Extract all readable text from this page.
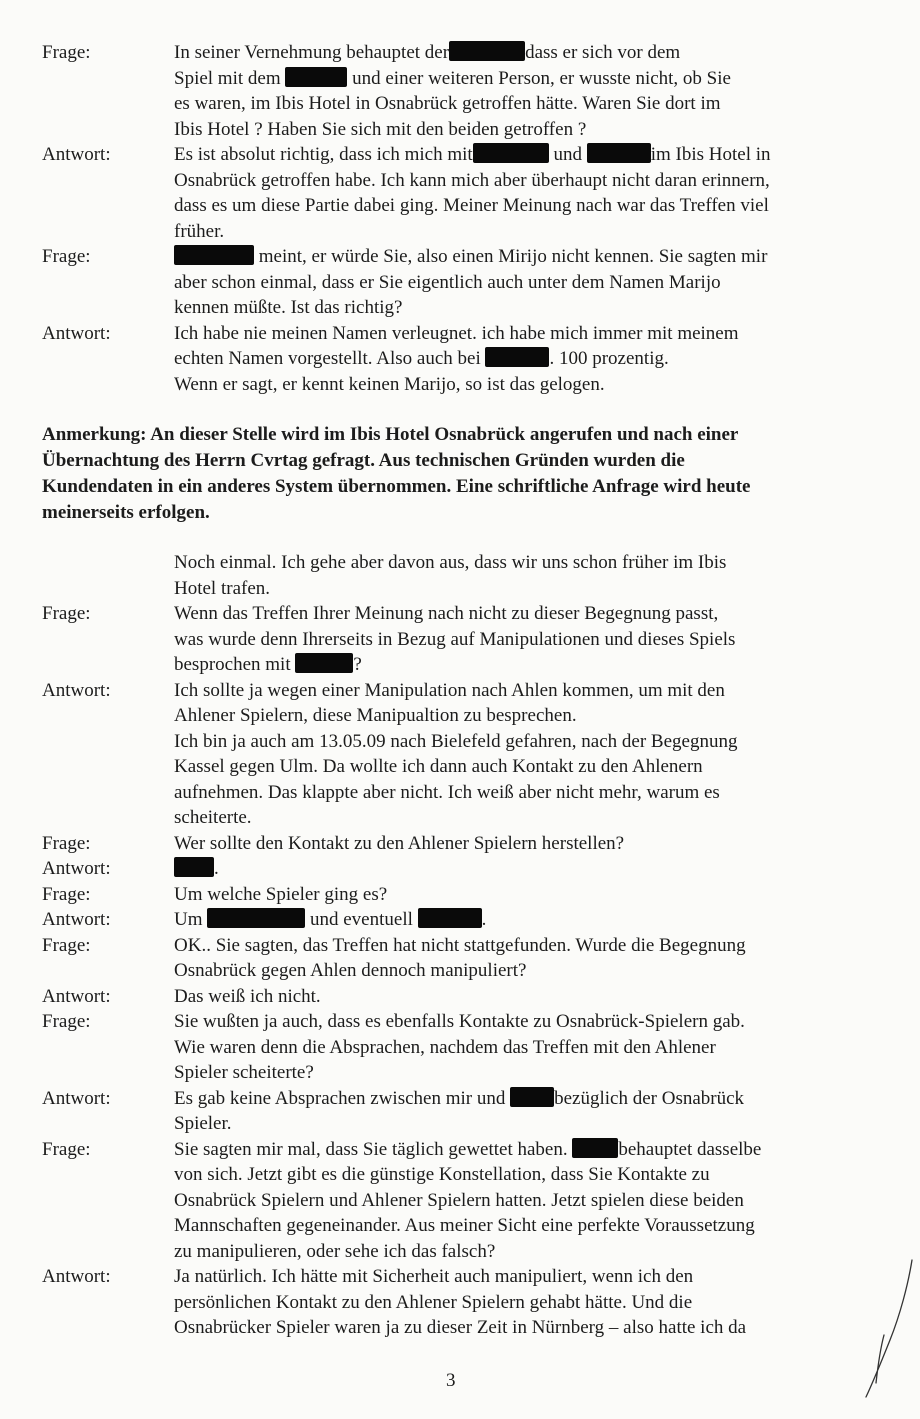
Frage:	In seiner Vernehmung behauptet der	dass er sich vor dem
Spiel mit dem	und einer weiteren Person, er wusste nicht, ob Sie
es waren, im Ibis Hotel in Osnabrück getroffen hätte. Waren Sie dort im
Ibis Hotel ? Haben Sie sich mit den beiden getroffen ?
Antwort:	Es ist absolut richtig, dass ich mich mit	und	im Ibis Hotel in
Osnabrück getroffen habe. Ich kann mich aber überhaupt nicht daran erinnern,
dass es um diese Partie dabei ging. Meiner Meinung nach war das Treffen viel
früher.
Frage:	meint, er würde Sie, also einen Mirijo nicht kennen. Sie sagten mir
aber schon einmal, dass er Sie eigentlich auch unter dem Namen Marijo
kennen müßte. Ist das richtig?
Antwort:	Ich habe nie meinen Namen verleugnet. ich habe mich immer mit meinem
echten Namen vorgestellt. Also auch bei	. 100 prozentig.
Wenn er sagt, er kennt keinen Marijo, so ist das gelogen.
Anmerkung: An dieser Stelle wird im Ibis Hotel Osnabrück angerufen und nach einer
Übernachtung des Herrn Cvrtag gefragt. Aus technischen Gründen wurden die
Kundendaten in ein anderes System übernommen. Eine schriftliche Anfrage wird heute
meinerseits erfolgen.
Noch einmal. Ich gehe aber davon aus, dass wir uns schon früher im Ibis
Hotel trafen.
Frage:	Wenn das Treffen Ihrer Meinung nach nicht zu dieser Begegnung passt,
was wurde denn Ihrerseits in Bezug auf Manipulationen und dieses Spiels
besprochen mit	?
Antwort:	Ich sollte ja wegen einer Manipulation nach Ahlen kommen, um mit den
Ahlener Spielern, diese Manipualtion zu besprechen.
Ich bin ja auch am 13.05.09 nach Bielefeld gefahren, nach der Begegnung
Kassel gegen Ulm. Da wollte ich dann auch Kontakt zu den Ahlenern
aufnehmen. Das klappte aber nicht. Ich weiß aber nicht mehr, warum es
scheiterte.
Frage:	Wer sollte den Kontakt zu den Ahlener Spielern herstellen?
Antwort:	.
Frage:	Um welche Spieler ging es?
Antwort:	Um	und eventuell	.
Frage:	OK.. Sie sagten, das Treffen hat nicht stattgefunden. Wurde die Begegnung
Osnabrück gegen Ahlen dennoch manipuliert?
Antwort:	Das weiß ich nicht.
Frage:	Sie wußten ja auch, dass es ebenfalls Kontakte zu Osnabrück-Spielern gab.
Wie waren denn die Absprachen, nachdem das Treffen mit den Ahlener
Spieler scheiterte?
Antwort:	Es gab keine Absprachen zwischen mir und	bezüglich der Osnabrück
Spieler.
Frage:	Sie sagten mir mal, dass Sie täglich gewettet haben.	behauptet dasselbe
von sich. Jetzt gibt es die günstige Konstellation, dass Sie Kontakte zu
Osnabrück Spielern und Ahlener Spielern hatten. Jetzt spielen diese beiden
Mannschaften gegeneinander. Aus meiner Sicht eine perfekte Voraussetzung
zu manipulieren, oder sehe ich das falsch?
Antwort:	Ja natürlich. Ich hätte mit Sicherheit auch manipuliert, wenn ich den
persönlichen Kontakt zu den Ahlener Spielern gehabt hätte. Und die
Osnabrücker Spieler waren ja zu dieser Zeit in Nürnberg – also hatte ich da
3
